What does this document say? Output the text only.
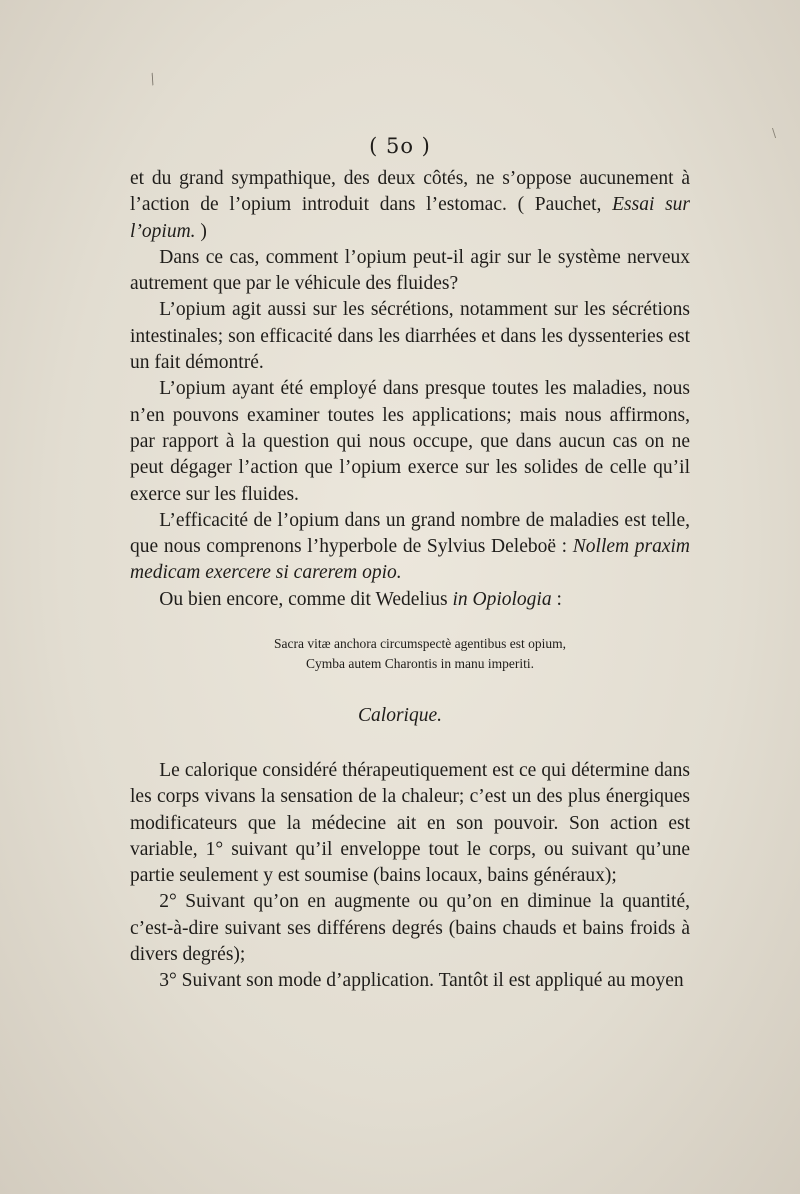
⁄
\
( 5o )

et du grand sympathique, des deux côtés, ne s’oppose aucunement à l’action de l’opium introduit dans l’estomac. ( Pauchet, Essai sur l’opium. )

Dans ce cas, comment l’opium peut-il agir sur le système nerveux autrement que par le véhicule des fluides?

L’opium agit aussi sur les sécrétions, notamment sur les sécrétions intestinales; son efficacité dans les diarrhées et dans les dyssenteries est un fait démontré.

L’opium ayant été employé dans presque toutes les maladies, nous n’en pouvons examiner toutes les applications; mais nous affirmons, par rapport à la question qui nous occupe, que dans aucun cas on ne peut dégager l’action que l’opium exerce sur les solides de celle qu’il exerce sur les fluides.

L’efficacité de l’opium dans un grand nombre de maladies est telle, que nous comprenons l’hyperbole de Sylvius Deleboë : Nollem praxim medicam exercere si carerem opio.

Ou bien encore, comme dit Wedelius in Opiologia :

Sacra vitæ anchora circumspectè agentibus est opium,
Cymba autem Charontis in manu imperiti.
Calorique.

Le calorique considéré thérapeutiquement est ce qui détermine dans les corps vivans la sensation de la chaleur; c’est un des plus énergiques modificateurs que la médecine ait en son pouvoir. Son action est variable, 1° suivant qu’il enveloppe tout le corps, ou suivant qu’une partie seulement y est soumise (bains locaux, bains généraux);

2° Suivant qu’on en augmente ou qu’on en diminue la quantité, c’est-à-dire suivant ses différens degrés (bains chauds et bains froids à divers degrés);

3° Suivant son mode d’application. Tantôt il est appliqué au moyen
